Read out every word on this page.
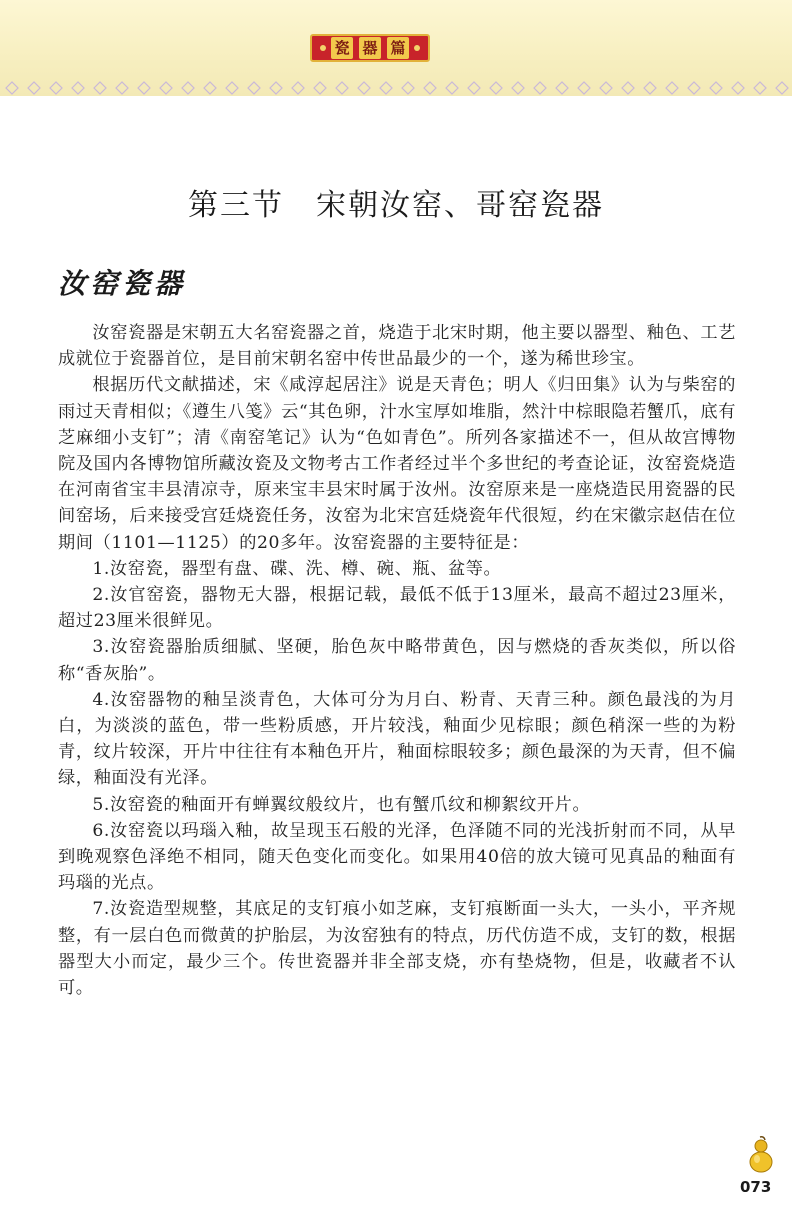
瓷 器 篇
第三节　宋朝汝窑、哥窑瓷器
汝窑瓷器

汝窑瓷器是宋朝五大名窑瓷器之首，烧造于北宋时期，他主要以器型、釉色、工艺成就位于瓷器首位，是目前宋朝名窑中传世品最少的一个，遂为稀世珍宝。

根据历代文献描述，宋《咸淳起居注》说是天青色；明人《归田集》认为与柴窑的雨过天青相似；《遵生八笺》云“其色卵，汁水宝厚如堆脂，然汁中棕眼隐若蟹爪，底有芝麻细小支钉”；清《南窑笔记》认为“色如青色”。所列各家描述不一，但从故宫博物院及国内各博物馆所藏汝瓷及文物考古工作者经过半个多世纪的考查论证，汝窑瓷烧造在河南省宝丰县清凉寺，原来宝丰县宋时属于汝州。汝窑原来是一座烧造民用瓷器的民间窑场，后来接受宫廷烧瓷任务，汝窑为北宋宫廷烧瓷年代很短，约在宋徽宗赵佶在位期间（1101—1125）的20多年。汝窑瓷器的主要特征是：

1.汝窑瓷，器型有盘、碟、洗、樽、碗、瓶、盆等。

2.汝官窑瓷，器物无大器，根据记载，最低不低于13厘米，最高不超过23厘米，超过23厘米很鲜见。

3.汝窑瓷器胎质细腻、坚硬，胎色灰中略带黄色，因与燃烧的香灰类似，所以俗称“香灰胎”。

4.汝窑器物的釉呈淡青色，大体可分为月白、粉青、天青三种。颜色最浅的为月白，为淡淡的蓝色，带一些粉质感，开片较浅，釉面少见棕眼；颜色稍深一些的为粉青，纹片较深，开片中往往有本釉色开片，釉面棕眼较多；颜色最深的为天青，但不偏绿，釉面没有光泽。

5.汝窑瓷的釉面开有蝉翼纹般纹片，也有蟹爪纹和柳絮纹开片。

6.汝窑瓷以玛瑙入釉，故呈现玉石般的光泽，色泽随不同的光浅折射而不同，从早到晚观察色泽绝不相同，随天色变化而变化。如果用40倍的放大镜可见真品的釉面有玛瑙的光点。

7.汝瓷造型规整，其底足的支钉痕小如芝麻，支钉痕断面一头大，一头小，平齐规整，有一层白色而微黄的护胎层，为汝窑独有的特点，历代仿造不成，支钉的数，根据器型大小而定，最少三个。传世瓷器并非全部支烧，亦有垫烧物，但是，收藏者不认可。

073
